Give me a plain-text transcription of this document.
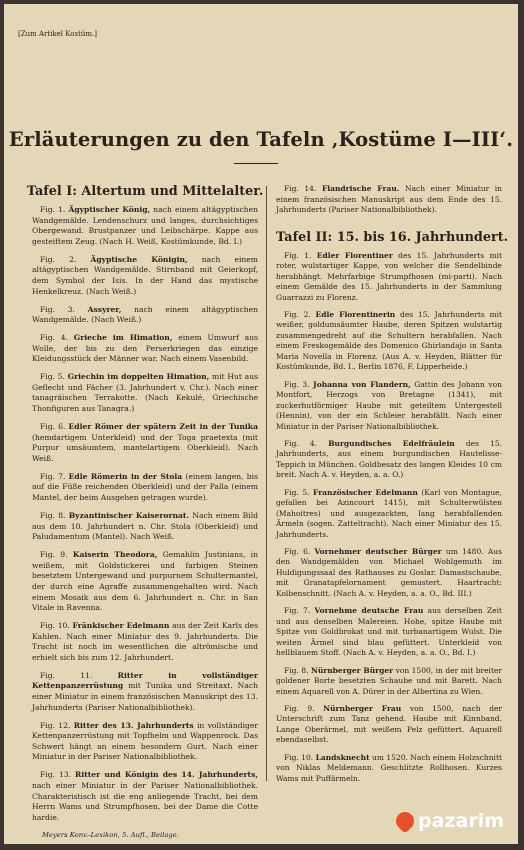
[Zum Artikel Kostüm.]
Erläuterungen zu den Tafeln ‚Kostüme I—III‘.
Tafel I: Altertum und Mittelalter.

Fig. 1. Ägyptischer König, nach einem altägyptischen Wandgemälde. Lendenschurz und langes, durchsichtiges Obergewand. Brustpanzer und Leibschärpe. Kappe aus gesteiftem Zeug. (Nach H. Weiß, Kostümkunde, Bd. I.)

Fig. 2. Ägyptische Königin, nach einem altägyptischen Wandgemälde. Stirnband mit Geierkopf, dem Symbol der Isis. In der Hand das mystische Henkelkreuz. (Nach Weiß.)

Fig. 3. Assyrer, nach einem altägyptischen Wandgemälde. (Nach Weiß.)

Fig. 4. Grieche im Himation, einem Umwurf aus Wolle, der bis zu den Perserkriegen das einzige Kleidungsstück der Männer war. Nach einem Vasenbild.

Fig. 5. Griechin im doppelten Himation, mit Hut aus Geflecht und Fächer (3. Jahrhundert v. Chr.). Nach einer tanagräischen Terrakotte. (Nach Kekulé, Griechische Thonfiguren aus Tanagra.)

Fig. 6. Edler Römer der spätern Zeit in der Tunika (hemdartigem Unterkleid) und der Toga praetexta (mit Purpur umsäumtem, mantelartigem Oberkleid). Nach Weiß.

Fig. 7. Edle Römerin in der Stola (einem langen, bis auf die Füße reichenden Oberkleid) und der Palla (einem Mantel, der beim Ausgehen getragen wurde).

Fig. 8. Byzantinischer Kaiserornat. Nach einem Bild aus dem 10. Jahrhundert n. Chr. Stola (Oberkleid) und Paludamentum (Mantel). Nach Weiß.

Fig. 9. Kaiserin Theodora, Gemahlin Justinians, in weißem, mit Goldstickerei und farbigen Steinen besetztem Untergewand und purpurnem Schultermantel, der durch eine Agraffe zusammengehalten wird. Nach einem Mosaik aus dem 6. Jahrhundert n. Chr. in San Vitale in Ravenna.

Fig. 10. Fränkischer Edelmann aus der Zeit Karls des Kahlen. Nach einer Miniatur des 9. Jahrhunderts. Die Tracht ist noch im wesentlichen die altrömische und erhielt sich bis zum 12. Jahrhundert.

Fig. 11.	Ritter in vollständiger Kettenpanzerrüstung mit Tunika und Streitaxt. Nach einer Miniatur in einem französischen Manuskript des 13. Jahrhunderts (Pariser Nationalbibliothek).

Fig. 12. Ritter des 13. Jahrhunderts in vollständiger Kettenpanzerrüstung mit Topfhelm und Wappenrock. Das Schwert hängt an einem besondern Gurt. Nach einer Miniatur in der Pariser Nationalbibliothek.

Fig. 13. Ritter und Königin des 14. Jahrhunderts, nach einer Miniatur in der Pariser Nationalbibliothek. Charakteristisch ist die eng anliegende Tracht, bei dem Herrn Wams und Strumpfhosen, bei der Dame die Cotte hardie.

Meyers Konv.-Lexikon, 5. Aufl., Beilage.

Fig. 14. Flandrische Frau. Nach einer Miniatur in einem französischen Manuskript aus dem Ende des 15. Jahrhunderts (Pariser Nationalbibliothek).

Tafel II: 15. bis 16. Jahrhundert.

Fig. 1. Edler Florentiner des 15. Jahrhunderts mit roter, wulstartiger Kappe, von welcher die Sendelbinde herabhängt. Mehrfarbige Strumpfhosen (mi-parti). Nach einem Gemälde des 15. Jahrhunderts in der Sammlung Guarrazzi zu Florenz.

Fig. 2. Edle Florentinerin des 15. Jahrhunderts mit weißer, goldumsäumter Haube, deren Spitzen wulstartig zusammengedreht auf die Schultern herabfallen. Nach einem Freskogemälde des Domenico Ghirlandajo in Santa Maria Novella in Florenz. (Aus A. v. Heyden, Blätter für Kostümkunde, Bd. I., Berlin 1876, F. Lipperheide.)

Fig. 3. Johanna von Flandern, Gattin des Johann von Montfort, Herzogs von Bretagne (1341), mit zuckerhutförmiger Haube mit geteiltem Untergestell (Hennin), von der ein Schleier herabfällt. Nach einer Miniatur in der Pariser Nationalbibliothek.

Fig. 4. Burgundisches Edelfräulein des 15. Jahrhunderts, aus einem burgundischen Hautelisse-Teppich in München. Goldbesatz des langen Kleides 10 cm breit. Nach A. v. Heyden, a. a. O.)

Fig. 5. Französischer Edelmann (Karl von Montague, gefallen bei Azincourt 1415), mit Schulterwülsten (Mahoitres) und ausgezackten, lang herabfallenden Ärmeln (sogen. Zatteltracht). Nach einer Miniatur des 15. Jahrhunderts.

Fig. 6. Vornehmer deutscher Bürger um 1480. Aus den Wandgemälden von Michael Wohlgemuth im Huldigungssaal des Rathauses zu Goslar. Damastschaube, mit Granatapfelornament gemustert. Haartracht: Kolbenschnitt. (Nach A. v. Heyden, a. a. O., Bd. III.)

Fig. 7. Vornehme deutsche Frau aus derselben Zeit und aus denselben Malereien. Hohe, spitze Haube mit Spitze von Goldbrokat und mit turbanartigem Wulst. Die weiten Ärmel sind blau gefüttert. Unterkleid von hellblauem Stoff. (Nach A. v. Heyden, a. a. O., Bd. I.)

Fig. 8. Nürnberger Bürger von 1500, in der mit breiter goldener Borte besetzten Schaube und mit Barett. Nach einem Aquarell von A. Dürer in der Albertina zu Wien.

Fig. 9. Nürnberger Frau von 1500, nach der Unterschrift zum Tanz gehend. Haube mit Kinnband. Lange Oberärmel, mit weißem Pelz gefüttert. Aquarell ebendaselbst.

Fig. 10. Landsknecht um 1520. Nach einem Holzschnitt von Niklas Meldemann. Geschlitzte Rollhosen. Kurzes Wams mit Puffärmeln.

pazarim
